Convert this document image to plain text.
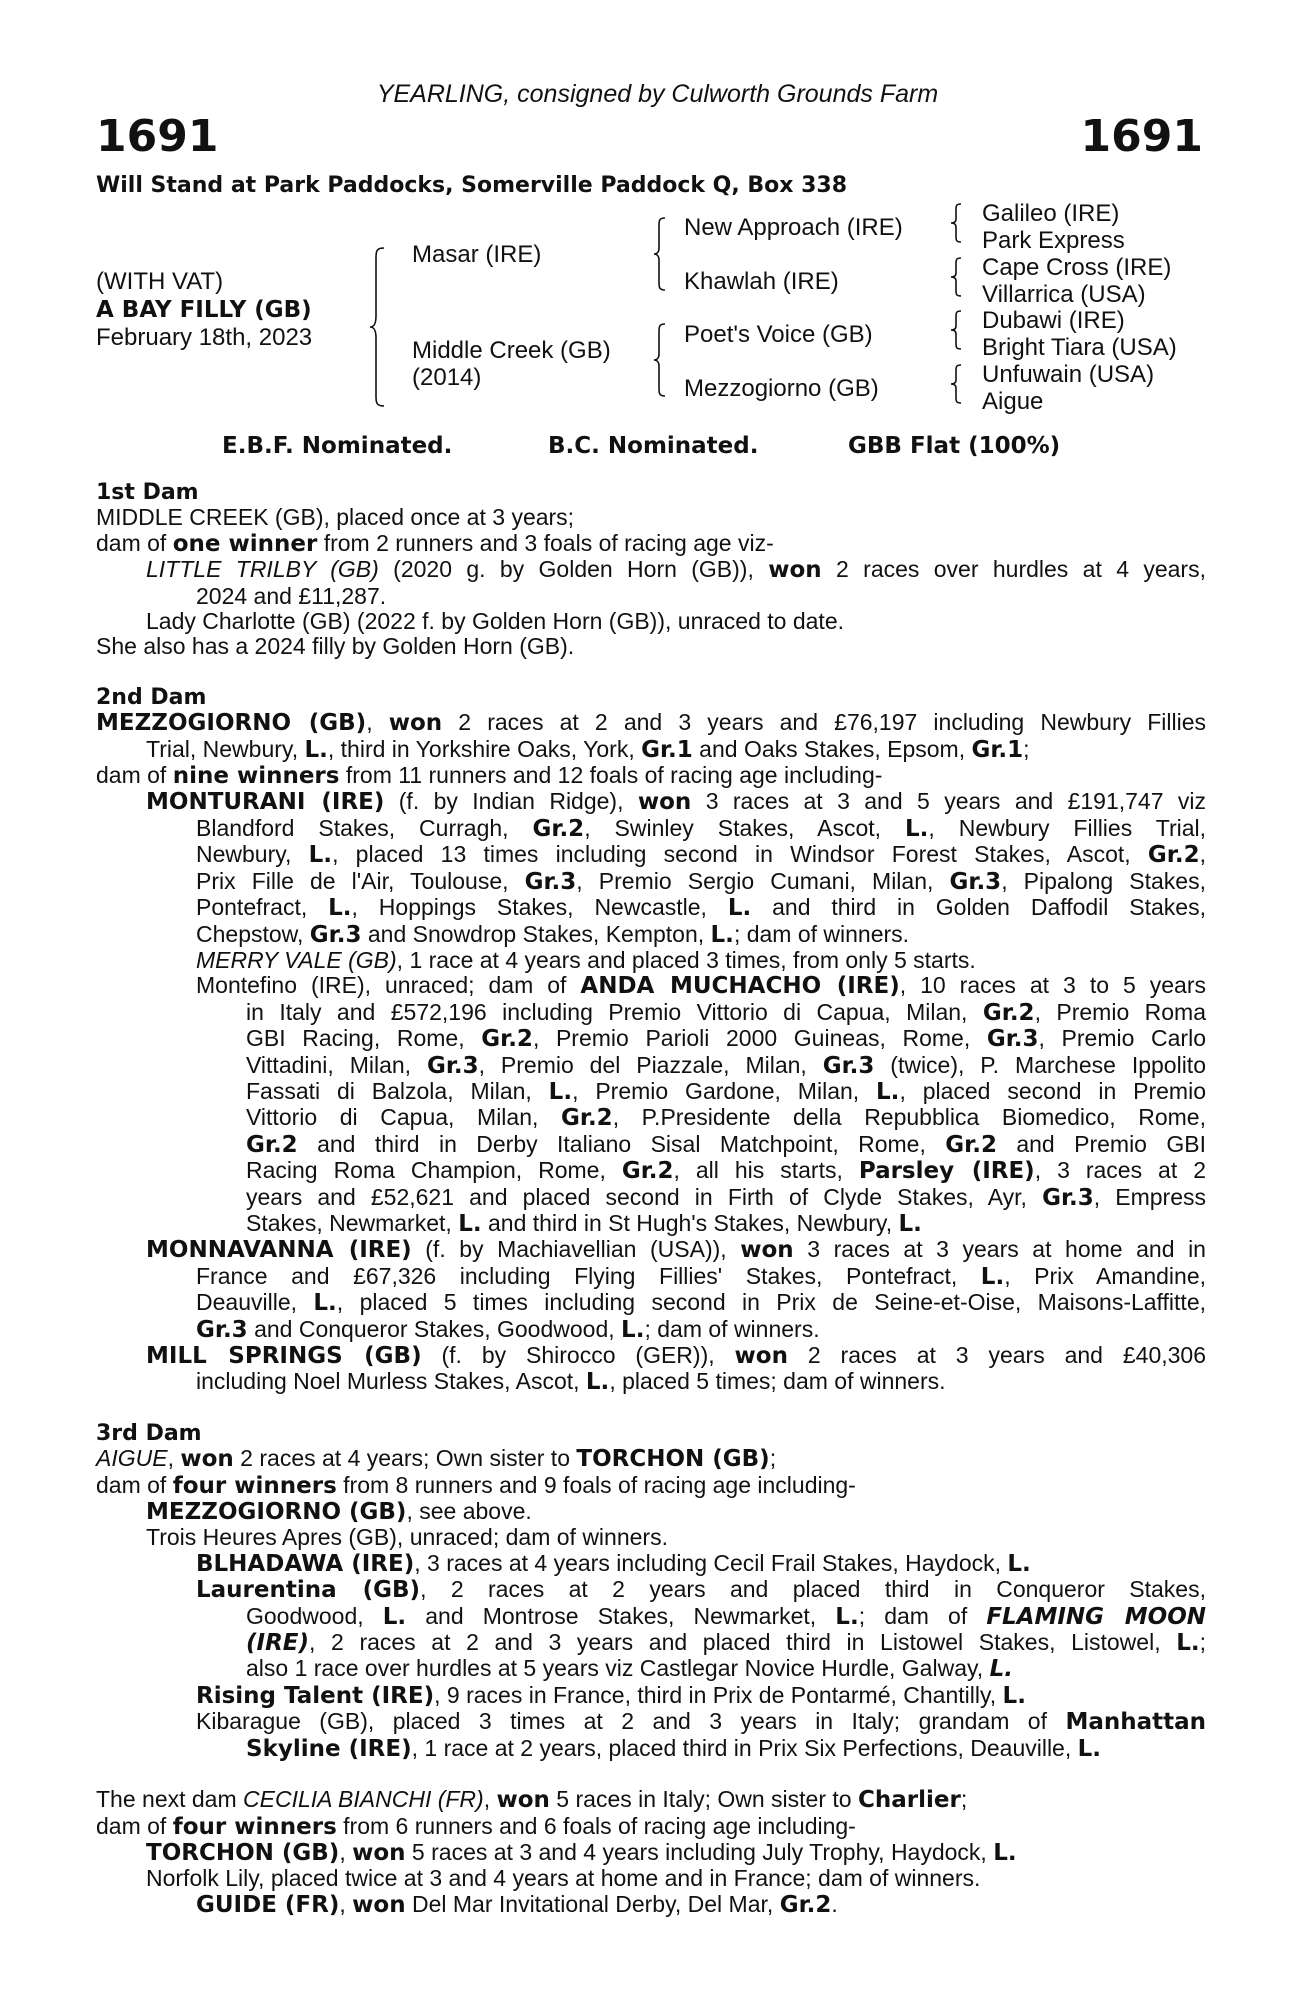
YEARLING, consigned by Culworth Grounds Farm
1691	1691
Will Stand at Park Paddocks, Somerville Paddock Q, Box 338
(WITH VAT)
A BAY FILLY (GB)
February 18th, 2023
Masar (IRE)
Middle Creek (GB)
(2014)
New Approach (IRE)
Khawlah (IRE)
Poet's Voice (GB)
Mezzogiorno (GB)
Galileo (IRE)
Park Express
Cape Cross (IRE)
Villarrica (USA)
Dubawi (IRE)
Bright Tiara (USA)
Unfuwain (USA)
Aigue
E.B.F. Nominated.	B.C. Nominated.	GBB Flat (100%)
1st Dam
MIDDLE CREEK (GB), placed once at 3 years;
dam of one winner from 2 runners and 3 foals of racing age viz-
LITTLE TRILBY (GB) (2020 g. by Golden Horn (GB)), won 2 races over hurdles at 4 years,
2024 and £11,287.
Lady Charlotte (GB) (2022 f. by Golden Horn (GB)), unraced to date.
She also has a 2024 filly by Golden Horn (GB).
2nd Dam
MEZZOGIORNO (GB), won 2 races at 2 and 3 years and £76,197 including Newbury Fillies
Trial, Newbury, L., third in Yorkshire Oaks, York, Gr.1 and Oaks Stakes, Epsom, Gr.1;
dam of nine winners from 11 runners and 12 foals of racing age including-
MONTURANI (IRE) (f. by Indian Ridge), won 3 races at 3 and 5 years and £191,747 viz
Blandford Stakes, Curragh, Gr.2, Swinley Stakes, Ascot, L., Newbury Fillies Trial,
Newbury, L., placed 13 times including second in Windsor Forest Stakes, Ascot, Gr.2,
Prix Fille de l'Air, Toulouse, Gr.3, Premio Sergio Cumani, Milan, Gr.3, Pipalong Stakes,
Pontefract, L., Hoppings Stakes, Newcastle, L. and third in Golden Daffodil Stakes,
Chepstow, Gr.3 and Snowdrop Stakes, Kempton, L.; dam of winners.
MERRY VALE (GB), 1 race at 4 years and placed 3 times, from only 5 starts.
Montefino (IRE), unraced; dam of ANDA MUCHACHO (IRE), 10 races at 3 to 5 years
in Italy and £572,196 including Premio Vittorio di Capua, Milan, Gr.2, Premio Roma
GBI Racing, Rome, Gr.2, Premio Parioli 2000 Guineas, Rome, Gr.3, Premio Carlo
Vittadini, Milan, Gr.3, Premio del Piazzale, Milan, Gr.3 (twice), P. Marchese Ippolito
Fassati di Balzola, Milan, L., Premio Gardone, Milan, L., placed second in Premio
Vittorio di Capua, Milan, Gr.2, P.Presidente della Repubblica Biomedico, Rome,
Gr.2 and third in Derby Italiano Sisal Matchpoint, Rome, Gr.2 and Premio GBI
Racing Roma Champion, Rome, Gr.2, all his starts, Parsley (IRE), 3 races at 2
years and £52,621 and placed second in Firth of Clyde Stakes, Ayr, Gr.3, Empress
Stakes, Newmarket, L. and third in St Hugh's Stakes, Newbury, L.
MONNAVANNA (IRE) (f. by Machiavellian (USA)), won 3 races at 3 years at home and in
France and £67,326 including Flying Fillies' Stakes, Pontefract, L., Prix Amandine,
Deauville, L., placed 5 times including second in Prix de Seine-et-Oise, Maisons-Laffitte,
Gr.3 and Conqueror Stakes, Goodwood, L.; dam of winners.
MILL SPRINGS (GB) (f. by Shirocco (GER)), won 2 races at 3 years and £40,306
including Noel Murless Stakes, Ascot, L., placed 5 times; dam of winners.
3rd Dam
AIGUE, won 2 races at 4 years; Own sister to TORCHON (GB);
dam of four winners from 8 runners and 9 foals of racing age including-
MEZZOGIORNO (GB), see above.
Trois Heures Apres (GB), unraced; dam of winners.
BLHADAWA (IRE), 3 races at 4 years including Cecil Frail Stakes, Haydock, L.
Laurentina (GB), 2 races at 2 years and placed third in Conqueror Stakes,
Goodwood, L. and Montrose Stakes, Newmarket, L.; dam of FLAMING MOON
(IRE), 2 races at 2 and 3 years and placed third in Listowel Stakes, Listowel, L.;
also 1 race over hurdles at 5 years viz Castlegar Novice Hurdle, Galway, L.
Rising Talent (IRE), 9 races in France, third in Prix de Pontarmé, Chantilly, L.
Kibarague (GB), placed 3 times at 2 and 3 years in Italy; grandam of Manhattan
Skyline (IRE), 1 race at 2 years, placed third in Prix Six Perfections, Deauville, L.
The next dam CECILIA BIANCHI (FR), won 5 races in Italy; Own sister to Charlier;
dam of four winners from 6 runners and 6 foals of racing age including-
TORCHON (GB), won 5 races at 3 and 4 years including July Trophy, Haydock, L.
Norfolk Lily, placed twice at 3 and 4 years at home and in France; dam of winners.
GUIDE (FR), won Del Mar Invitational Derby, Del Mar, Gr.2.
